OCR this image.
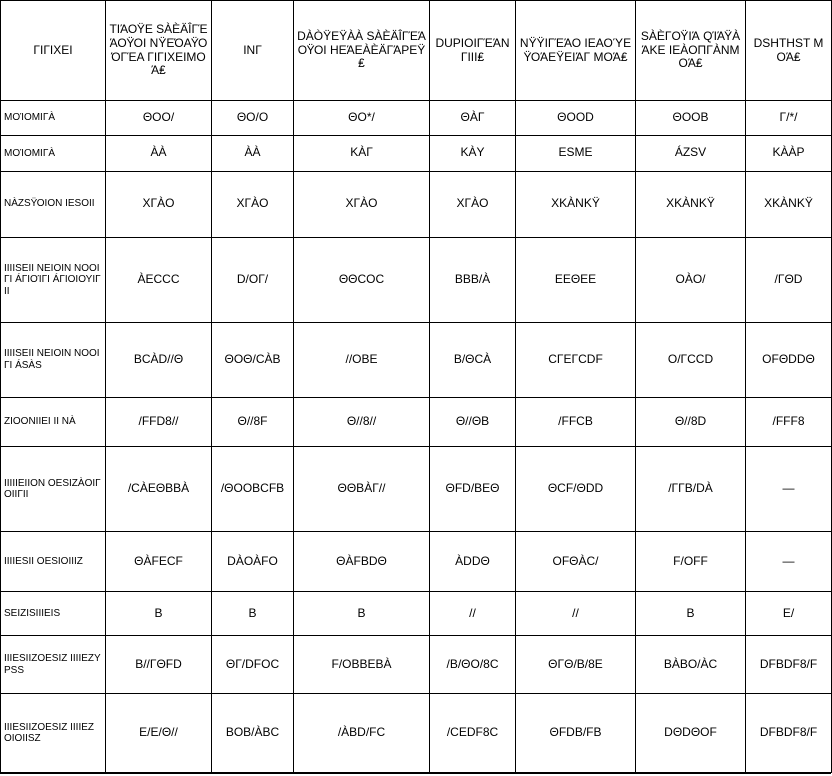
ΓΙΓΙΧΕΙ	ΤΙΆΟΫΕ SÀÈÄÎΓΈΆΟΫΟΙ ΝΫΕΌΑΫΟΌΓΈΑ ΓΙΓΙΧΕΙΜΟΆ₤	ΙΝΓ	DÀÒΫΕΫÀÀ SÀÈÄÎΓΈΆΟΫΟΙ ΗΕΆΕÀÈÄΓΆΡΕΫ₤	DUPΙΟΙΓΈΆΝ ΓΙΙΙ₤	ΝΫΫΙΓΈΆΟ ΙΕΑΟΎΕΫΟΆΕΫΕΙΆΓ ΜΟΆ₤	SÀÈΓΟΫΙΆ QΊΆΫÀΆΚΕ ΙΕÀΟΠΓÀΝΜΟΆ₤	DSΗΤΗSΤ ΜΟΆ₤
ΜΟΊΟΜΙΓÀ	ΘΟΟ/	ΘΟ/Ο	ΘΟ*/	ΘÀΓ	ΘΟΟD	ΘΟΟΒ	Γ/*/
ΜΟΊΟΜΙΓÀ	ÀÀ	ÀÀ	ΚÀΓ	ΚÀΥ	ΕSΜΕ	ÁΖSV	ΚÀÀΡ
ΝÀΖSΫΟΙΟΝ ΙΕSΟΙΙ	ΧΓÀΟ	ΧΓÀΟ	ΧΓÀΟ	ΧΓÀΟ	ΧΚÀΝΚΫ	ΧΚÀΝΚΫ	ΧΚÀΝΚΫ
ΙΙΙΙSΕΙΙ ΝΕΙΟΙΝ ΝΟΟΙΓΙ ÁΓΙΟΊΓΙ ÁΓΙΟΙΟΥΙΓΙΙ	ÀΕCCC	D/ΟΓ/	ΘΘCΟC	ΒΒΒ/À	ΕΕΘΕΕ	ΟÀΟ/	/ΓΘD
ΙΙΙΙSΕΙΙ ΝΕΙΟΙΝ ΝΟΟΙΓΙ ÁSÀS	ΒCÀD//Θ	ΘΟΘ/CÀΒ	//ΟΒΕ	Β/ΘCÀ	CΓΕΓCDF	Ο/ΓCCD	ΟFΘDDΘ
ΖΙΟΟΝΙΙΕΙ ΙΙ ΝÀ	/FFD8//	Θ//8F	Θ//8//	Θ//ΘΒ	/FFCΒ	Θ//8D	/FFF8
ΙΙΙΙΙΕΙΙΟΝ ΟΕSΙΖÀΟΙΓ ΟΙΙΓΙΙ	/CÀΕΘΒΒÀ	/ΘΟΟΒCFΒ	ΘΘΒÀΓ//	ΘFD/ΒΕΘ	ΘCF/ΘDD	/ΓΓΒ/DÀ	—
ΙΙΙΙΕSΙΙ ΟΕSΙΟΙΙΙΖ	ΘÀFΕCF	DÀΟÀFΟ	ΘÀFΒDΘ	ÀDDΘ	ΟFΘÀC/	F/ΟFF	—
SΕΙΖΙSΙΙΙΕΙS	Β	Β	Β	//	//	Β	Ε/
ΙΙΙΕSΙΙΖΟΕSΙΖ ΙΙΙΙΕΖΥΡSS	Β//ΓΘFD	ΘΓ/DFΟC	F/ΟΒΒΕΒÀ	/Β/ΘΟ/8C	ΘΓΘ/Β/8Ε	ΒÀΒΟ/ÀC	DFΒDF8/F
ΙΙΙΕSΙΙΖΟΕSΙΖ ΙΙΙΙΕΖ ΟΙΟΙΙSΖ	Ε/Ε/Θ//	ΒΟΒ/ÀΒC	/ÀΒD/FC	/CΕDF8C	ΘFDΒ/FΒ	DΘDΘΟF	DFΒDF8/F
